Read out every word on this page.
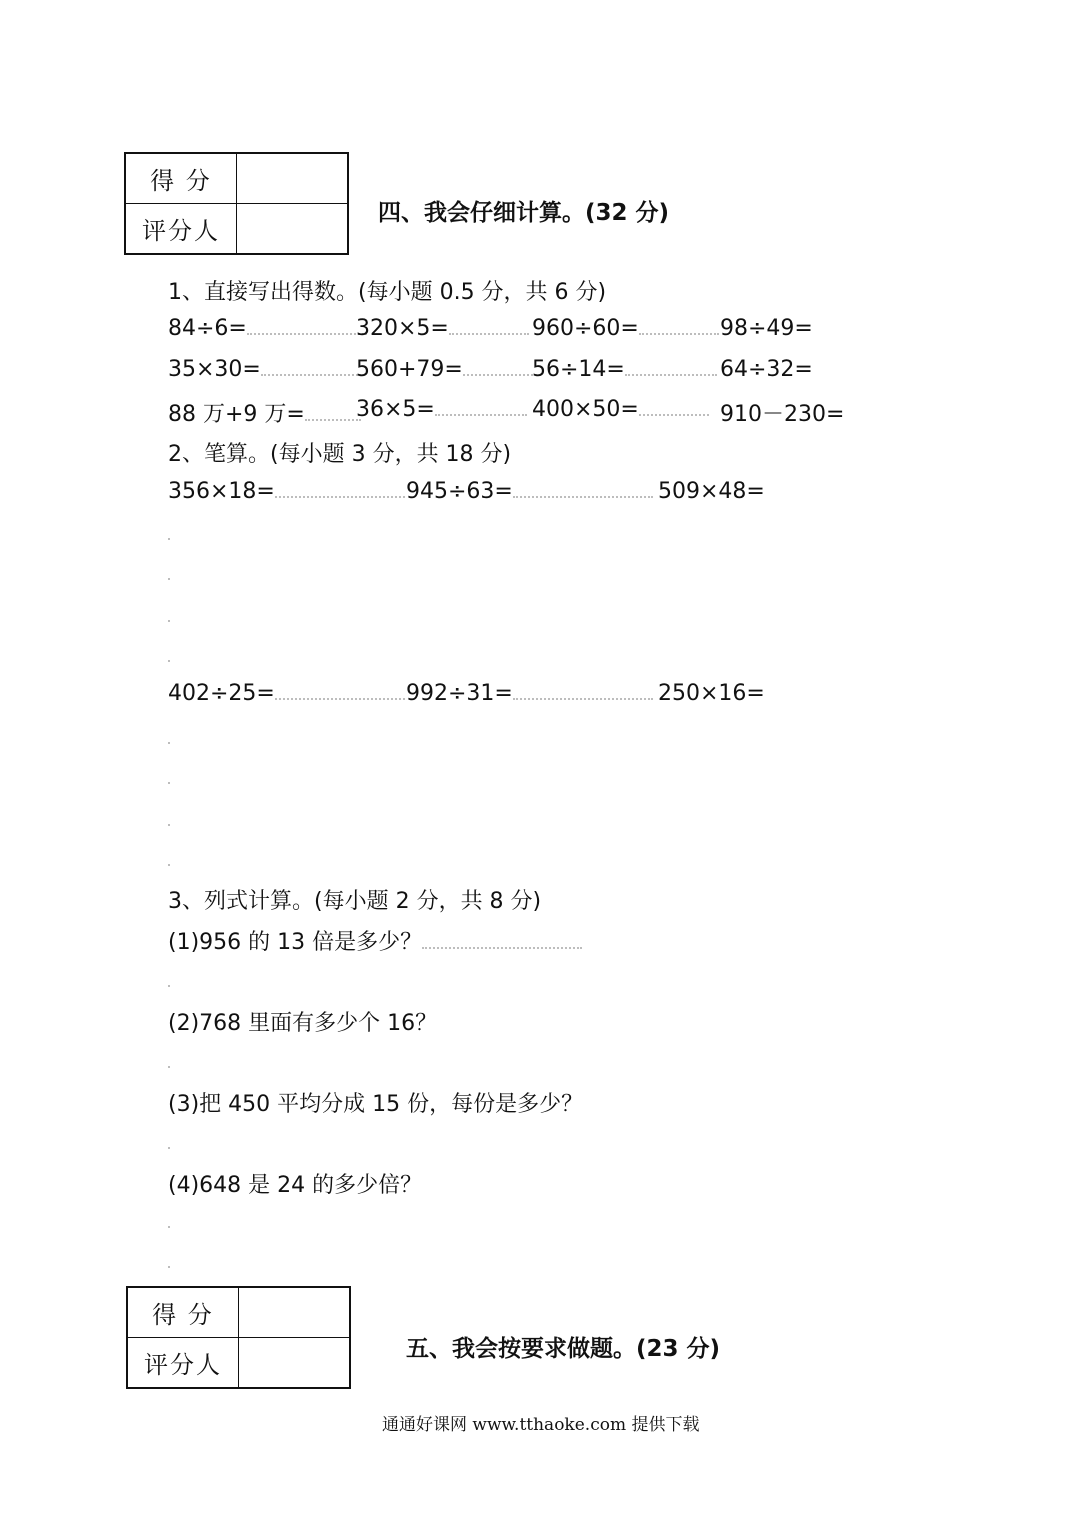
得 分	
评分人	
四、我会仔细计算。(32 分)
1、直接写出得数。(每小题 0.5 分，共 6 分)
84÷6=	320×5=	960÷60=	98÷49=
35×30=	560+79=	56÷14=	64÷32=
88 万+9 万=	36×5=	400×50=	910－230=
2、笔算。(每小题 3 分，共 18 分)
356×18=	945÷63=	509×48=
402÷25=	992÷31=	250×16=
3、列式计算。(每小题 2 分，共 8 分)
(1)956 的 13 倍是多少？
(2)768 里面有多少个 16？
(3)把 450 平均分成 15 份，每份是多少？
(4)648 是 24 的多少倍？
得 分	
评分人	
五、我会按要求做题。(23 分)
通通好课网 www.tthaoke.com 提供下载
